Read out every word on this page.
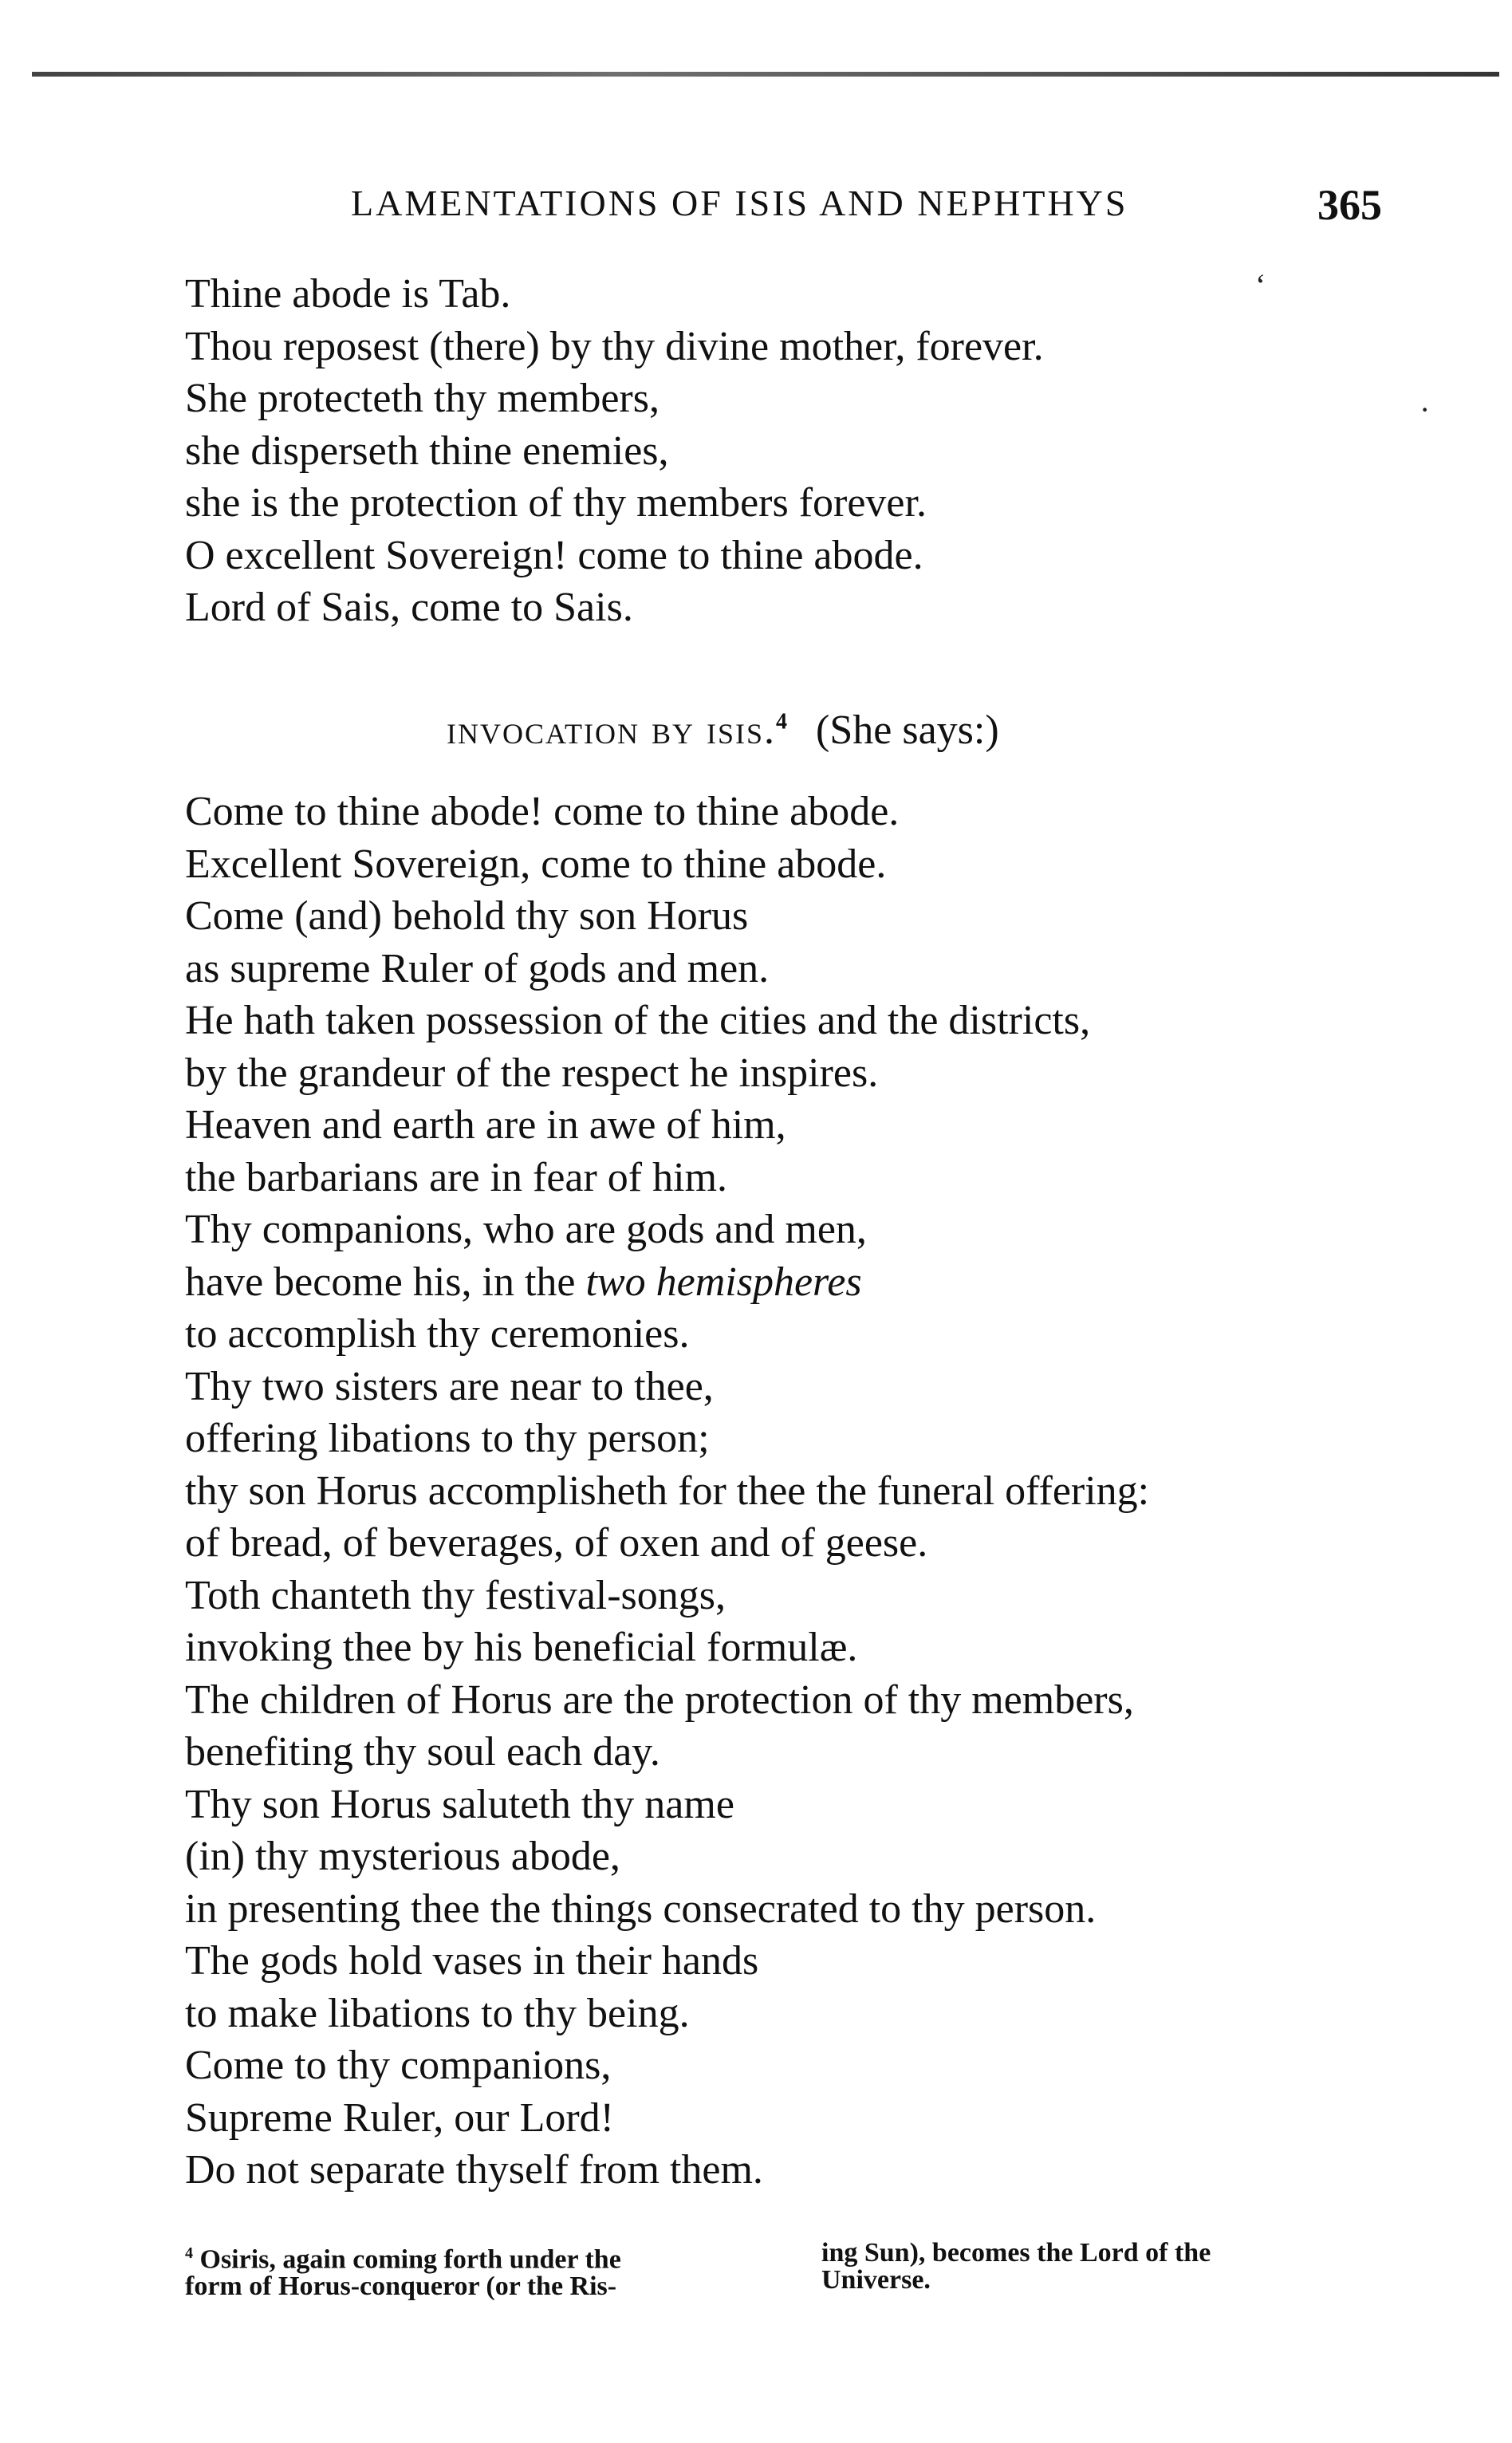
LAMENTATIONS OF ISIS AND NEPHTHYS	365
‘
·
Thine abode is Tab.
Thou reposest (there) by thy divine mother, forever.
She protecteth thy members,
she disperseth thine enemies,
she is the protection of thy members forever.
O excellent Sovereign! come to thine abode.
Lord of Sais, come to Sais.
invocation by isis.$^4$ (She says:)
Come to thine abode! come to thine abode.
Excellent Sovereign, come to thine abode.
Come (and) behold thy son Horus
as supreme Ruler of gods and men.
He hath taken possession of the cities and the districts,
by the grandeur of the respect he inspires.
Heaven and earth are in awe of him,
the barbarians are in fear of him.
Thy companions, who are gods and men,
have become his, in the two hemispheres
to accomplish thy ceremonies.
Thy two sisters are near to thee,
offering libations to thy person;
thy son Horus accomplisheth for thee the funeral offering:
of bread, of beverages, of oxen and of geese.
Toth chanteth thy festival-songs,
invoking thee by his beneficial formulæ.
The children of Horus are the protection of thy members,
benefiting thy soul each day.
Thy son Horus saluteth thy name
(in) thy mysterious abode,
in presenting thee the things consecrated to thy person.
The gods hold vases in their hands
to make libations to thy being.
Come to thy companions,
Supreme Ruler, our Lord!
Do not separate thyself from them.
$^4$ Osiris, again coming forth under the
form of Horus-conqueror (or the Ris-
ing Sun), becomes the Lord of the
Universe.
